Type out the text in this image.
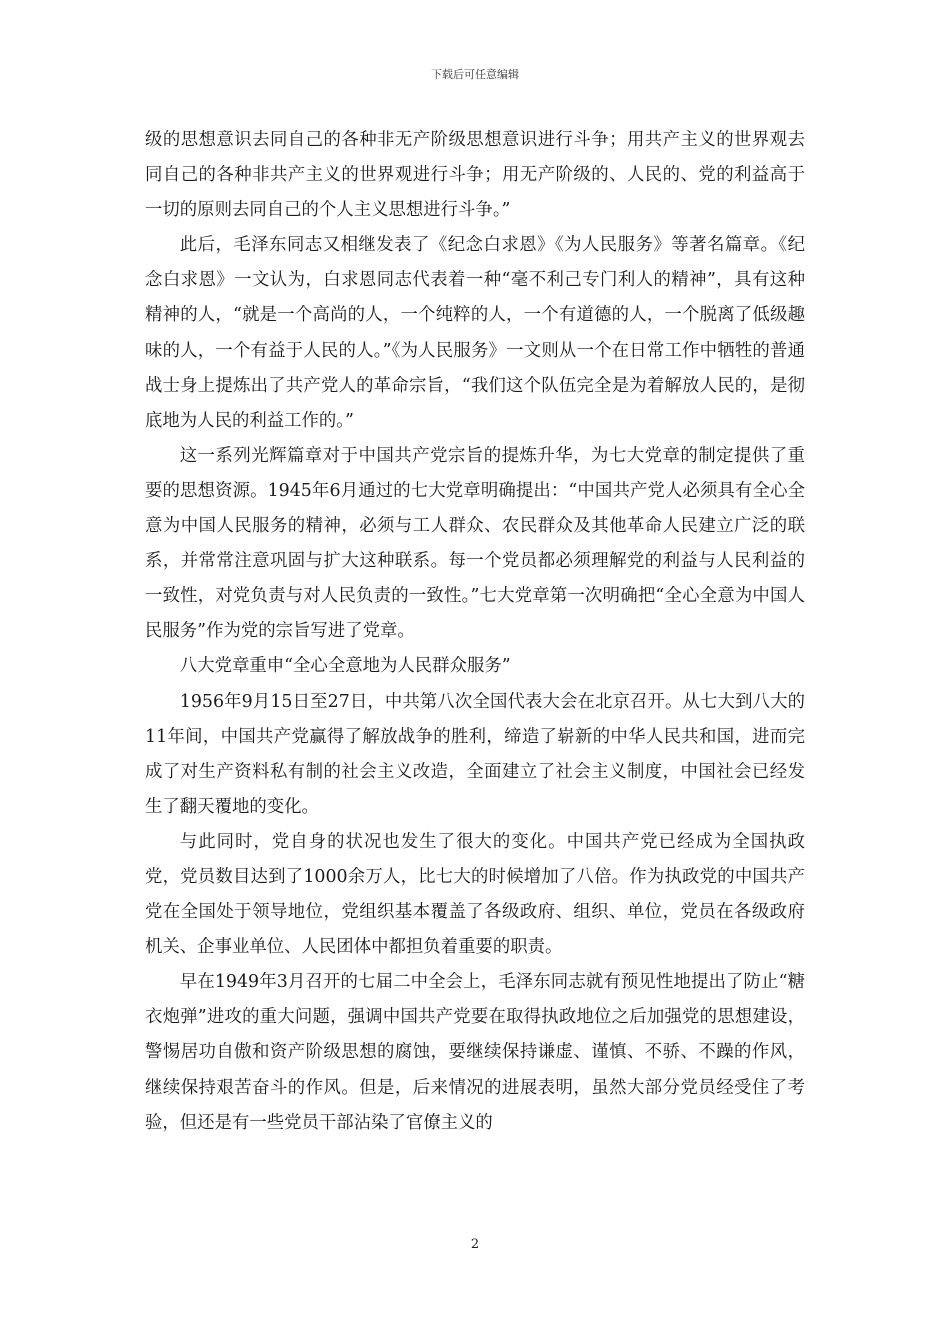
下载后可任意编辑

级的思想意识去同自己的各种非无产阶级思想意识进行斗争；用共产主义的世界观去同自己的各种非共产主义的世界观进行斗争；用无产阶级的、人民的、党的利益高于一切的原则去同自己的个人主义思想进行斗争。”

此后，毛泽东同志又相继发表了《纪念白求恩》《为人民服务》等著名篇章。《纪念白求恩》一文认为，白求恩同志代表着一种“毫不利己专门利人的精神”，具有这种精神的人，“就是一个高尚的人，一个纯粹的人，一个有道德的人，一个脱离了低级趣味的人，一个有益于人民的人。”《为人民服务》一文则从一个在日常工作中牺牲的普通战士身上提炼出了共产党人的革命宗旨，“我们这个队伍完全是为着解放人民的，是彻底地为人民的利益工作的。”

这一系列光辉篇章对于中国共产党宗旨的提炼升华，为七大党章的制定提供了重要的思想资源。1945年6月通过的七大党章明确提出：“中国共产党人必须具有全心全意为中国人民服务的精神，必须与工人群众、农民群众及其他革命人民建立广泛的联系，并常常注意巩固与扩大这种联系。每一个党员都必须理解党的利益与人民利益的一致性，对党负责与对人民负责的一致性。”七大党章第一次明确把“全心全意为中国人民服务”作为党的宗旨写进了党章。

八大党章重申“全心全意地为人民群众服务”

1956年9月15日至27日，中共第八次全国代表大会在北京召开。从七大到八大的11年间，中国共产党赢得了解放战争的胜利，缔造了崭新的中华人民共和国，进而完成了对生产资料私有制的社会主义改造，全面建立了社会主义制度，中国社会已经发生了翻天覆地的变化。

与此同时，党自身的状况也发生了很大的变化。中国共产党已经成为全国执政党，党员数目达到了1000余万人，比七大的时候增加了八倍。作为执政党的中国共产党在全国处于领导地位，党组织基本覆盖了各级政府、组织、单位，党员在各级政府机关、企事业单位、人民团体中都担负着重要的职责。

早在1949年3月召开的七届二中全会上，毛泽东同志就有预见性地提出了防止“糖衣炮弹”进攻的重大问题，强调中国共产党要在取得执政地位之后加强党的思想建设，警惕居功自傲和资产阶级思想的腐蚀，要继续保持谦虚、谨慎、不骄、不躁的作风，继续保持艰苦奋斗的作风。但是，后来情况的进展表明，虽然大部分党员经受住了考验，但还是有一些党员干部沾染了官僚主义的

2
